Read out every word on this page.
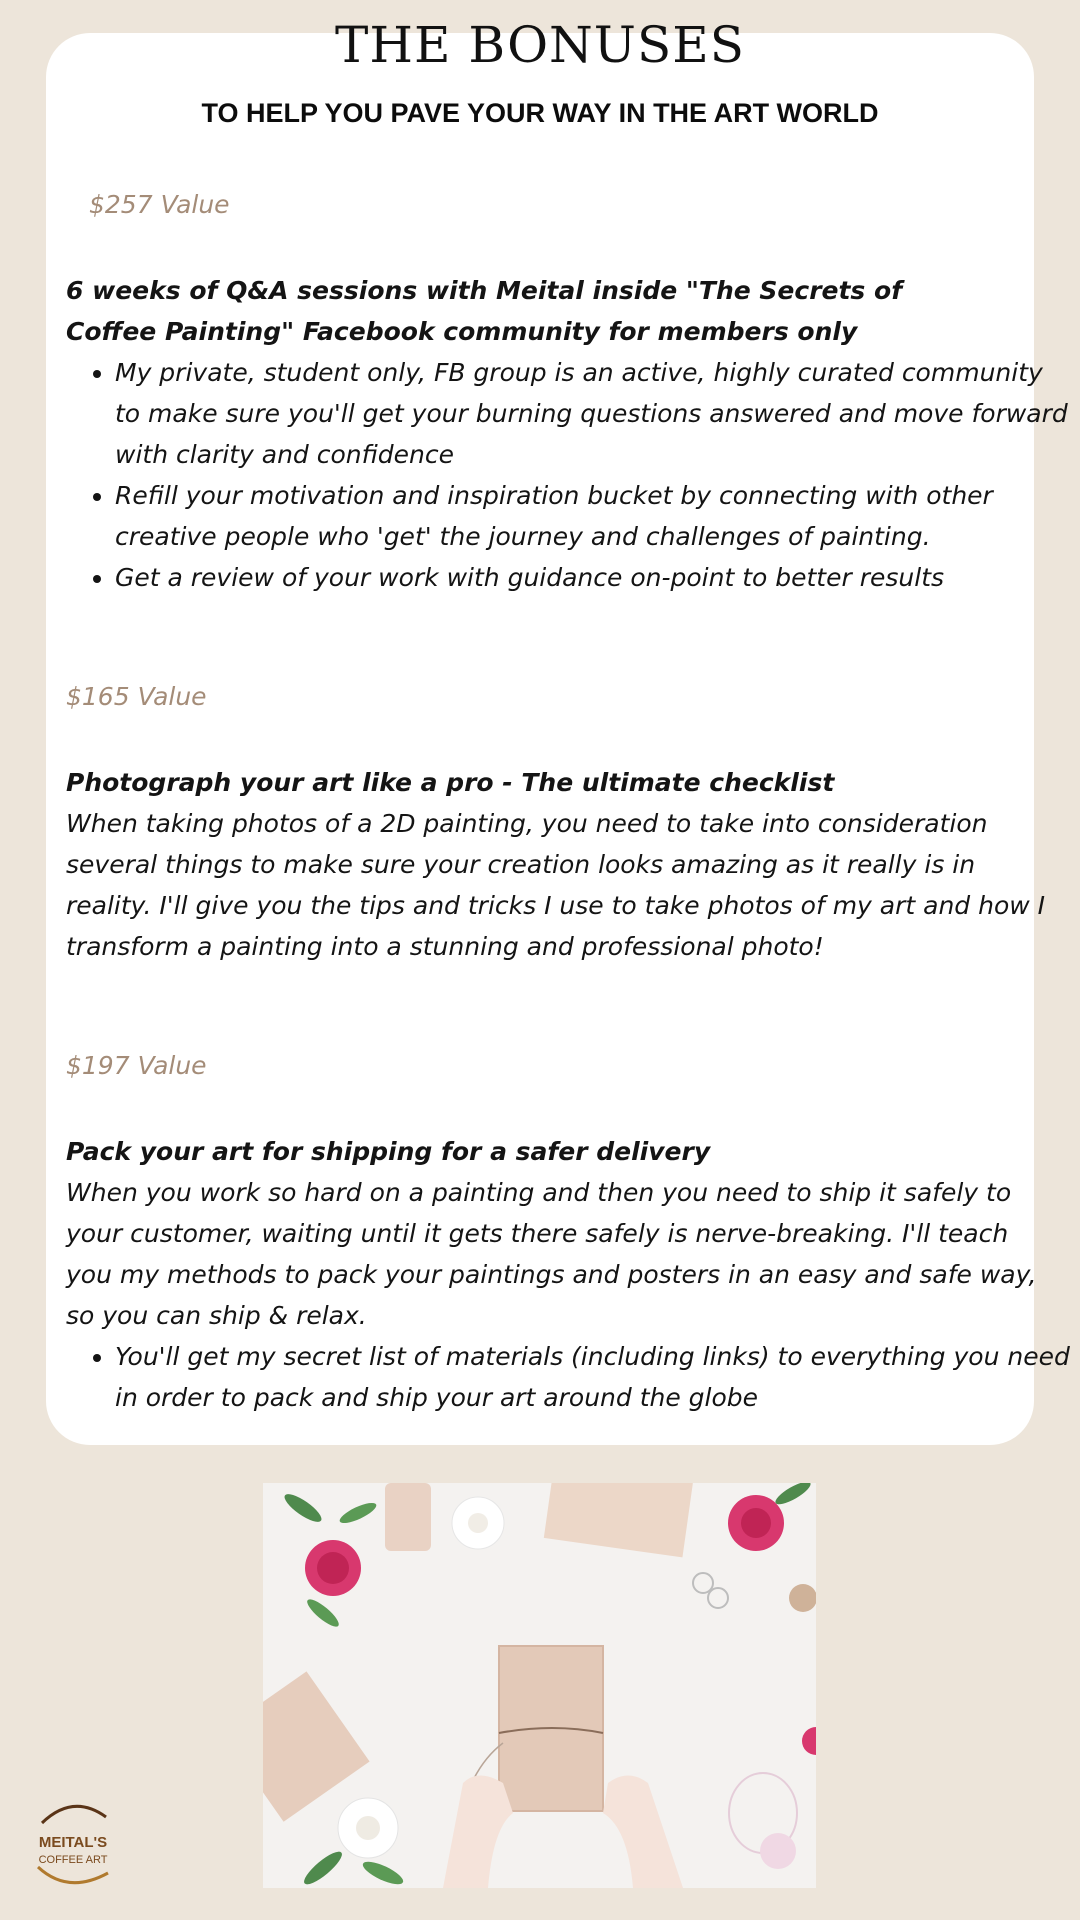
THE BONUSES
TO HELP YOU PAVE YOUR WAY IN THE ART WORLD
$257 Value
6 weeks of Q&A sessions with Meital inside "The Secrets of Coffee Painting" Facebook community for members only
• My private, student only, FB group is an active, highly curated community to make sure you'll get your burning questions answered and move forward with clarity and confidence
• Refill your motivation and inspiration bucket by connecting with other creative people who 'get' the journey and challenges of painting.
• Get a review of your work with guidance on-point to better results
$165 Value
Photograph your art like a pro - The ultimate checklist
When taking photos of a 2D painting, you need to take into consideration several things to make sure your creation looks amazing as it really is in reality. I'll give you the tips and tricks I use to take photos of my art and how I transform a painting into a stunning and professional photo!
$197 Value
Pack your art for shipping for a safer delivery
When you work so hard on a painting and then you need to ship it safely to your customer, waiting until it gets there safely is nerve-breaking. I'll teach you my methods to pack your paintings and posters in an easy and safe way, so you can ship & relax.
• You'll get my secret list of materials (including links) to everything you need in order to pack and ship your art around the globe
MEITAL'S
COFFEE ART
